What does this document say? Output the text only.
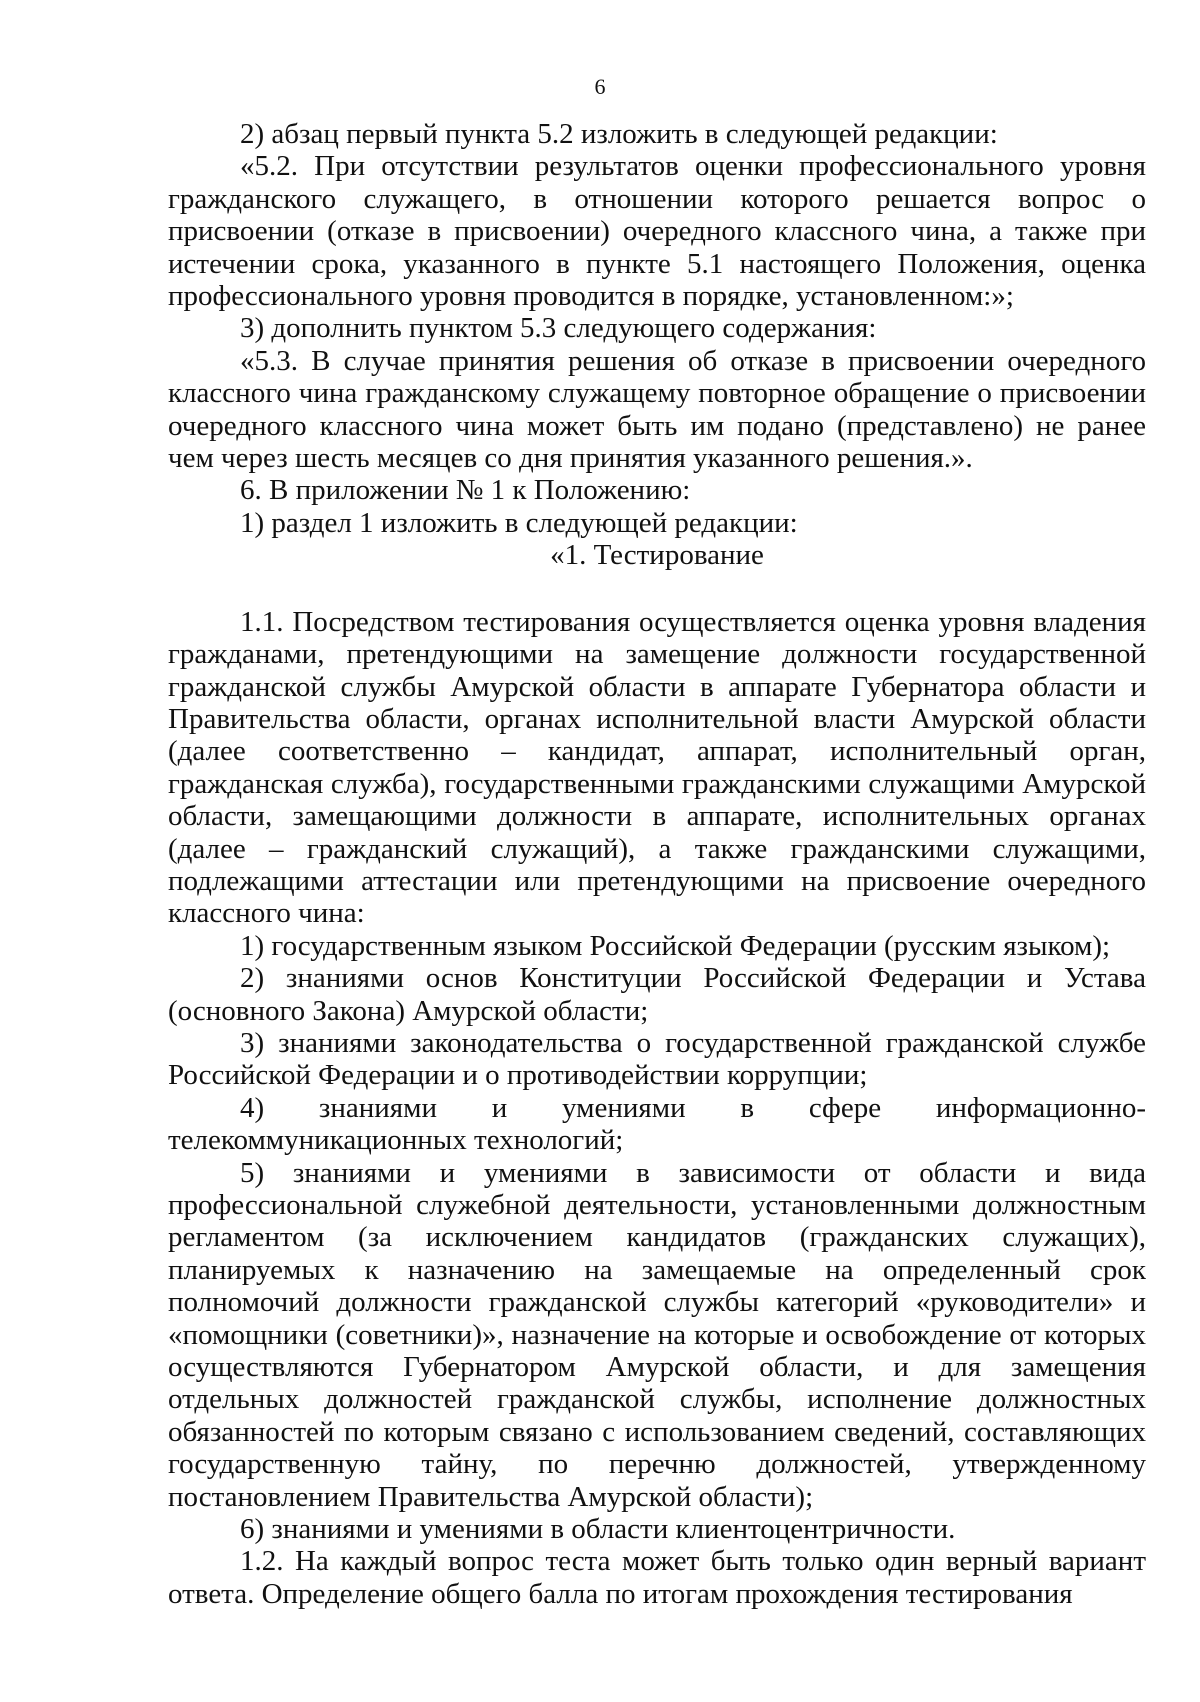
6

2) абзац первый пункта 5.2 изложить в следующей редакции:

«5.2. При отсутствии результатов оценки профессионального уровня гражданского служащего, в отношении которого решается вопрос о присвоении (отказе в присвоении) очередного классного чина, а также при истечении срока, указанного в пункте 5.1 настоящего Положения, оценка профессионального уровня проводится в порядке, установленном:»;

3) дополнить пунктом 5.3 следующего содержания:

«5.3. В случае принятия решения об отказе в присвоении очередного классного чина гражданскому служащему повторное обращение о присвоении очередного классного чина может быть им подано (представлено) не ранее чем через шесть месяцев со дня принятия указанного решения.».

6. В приложении № 1 к Положению:

1) раздел 1 изложить в следующей редакции:

«1. Тестирование

1.1. Посредством тестирования осуществляется оценка уровня владения гражданами, претендующими на замещение должности государственной гражданской службы Амурской области в аппарате Губернатора области и Правительства области, органах исполнительной власти Амурской области (далее соответственно – кандидат, аппарат, исполнительный орган, гражданская служба), государственными гражданскими служащими Амурской области, замещающими должности в аппарате, исполнительных органах (далее – гражданский служащий), а также гражданскими служащими, подлежащими аттестации или претендующими на присвоение очередного классного чина:

1) государственным языком Российской Федерации (русским языком);

2) знаниями основ Конституции Российской Федерации и Устава (основного Закона) Амурской области;

3) знаниями законодательства о государственной гражданской службе Российской Федерации и о противодействии коррупции;

4) знаниями и умениями в сфере информационно-телекоммуникационных технологий;

5) знаниями и умениями в зависимости от области и вида профессиональной служебной деятельности, установленными должностным регламентом (за исключением кандидатов (гражданских служащих), планируемых к назначению на замещаемые на определенный срок полномочий должности гражданской службы категорий «руководители» и «помощники (советники)», назначение на которые и освобождение от которых осуществляются Губернатором Амурской области, и для замещения отдельных должностей гражданской службы, исполнение должностных обязанностей по которым связано с использованием сведений, составляющих государственную тайну, по перечню должностей, утвержденному постановлением Правительства Амурской области);

6) знаниями и умениями в области клиентоцентричности.

1.2. На каждый вопрос теста может быть только один верный вариант ответа. Определение общего балла по итогам прохождения тестирования
